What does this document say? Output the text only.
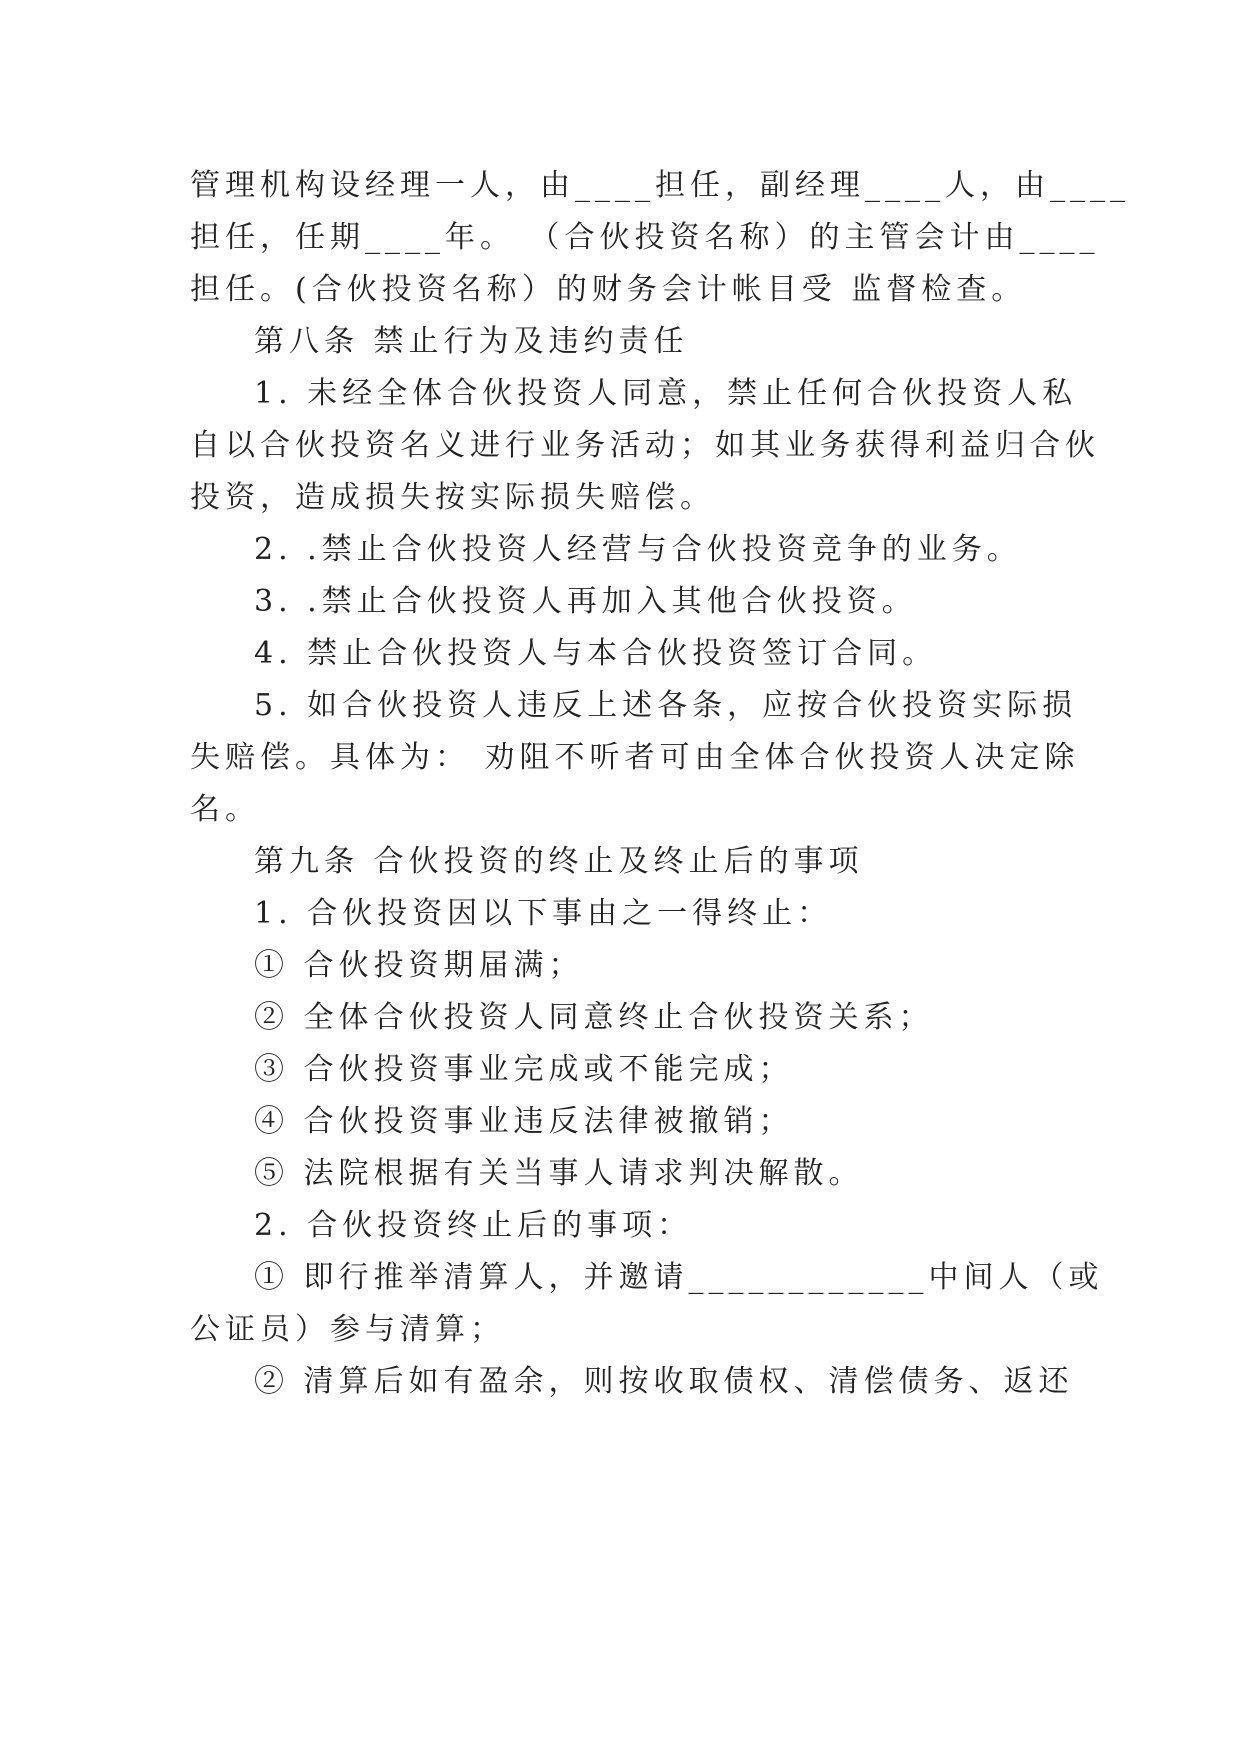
管理机构设经理一人，由____担任，副经理____人，由____
担任，任期____年。 （合伙投资名称）的主管会计由____
担任。(合伙投资名称）的财务会计帐目受 监督检查。
第八条 禁止行为及违约责任
1. 未经全体合伙投资人同意，禁止任何合伙投资人私
自以合伙投资名义进行业务活动；如其业务获得利益归合伙
投资，造成损失按实际损失赔偿。
2. .禁止合伙投资人经营与合伙投资竞争的业务。
3. .禁止合伙投资人再加入其他合伙投资。
4. 禁止合伙投资人与本合伙投资签订合同。
5. 如合伙投资人违反上述各条，应按合伙投资实际损
失赔偿。具体为： 劝阻不听者可由全体合伙投资人决定除
名。
第九条 合伙投资的终止及终止后的事项
1. 合伙投资因以下事由之一得终止：
① 合伙投资期届满；
② 全体合伙投资人同意终止合伙投资关系；
③ 合伙投资事业完成或不能完成；
④ 合伙投资事业违反法律被撤销；
⑤ 法院根据有关当事人请求判决解散。
2. 合伙投资终止后的事项：
① 即行推举清算人，并邀请____________中间人（或
公证员）参与清算；
② 清算后如有盈余，则按收取债权、清偿债务、返还
